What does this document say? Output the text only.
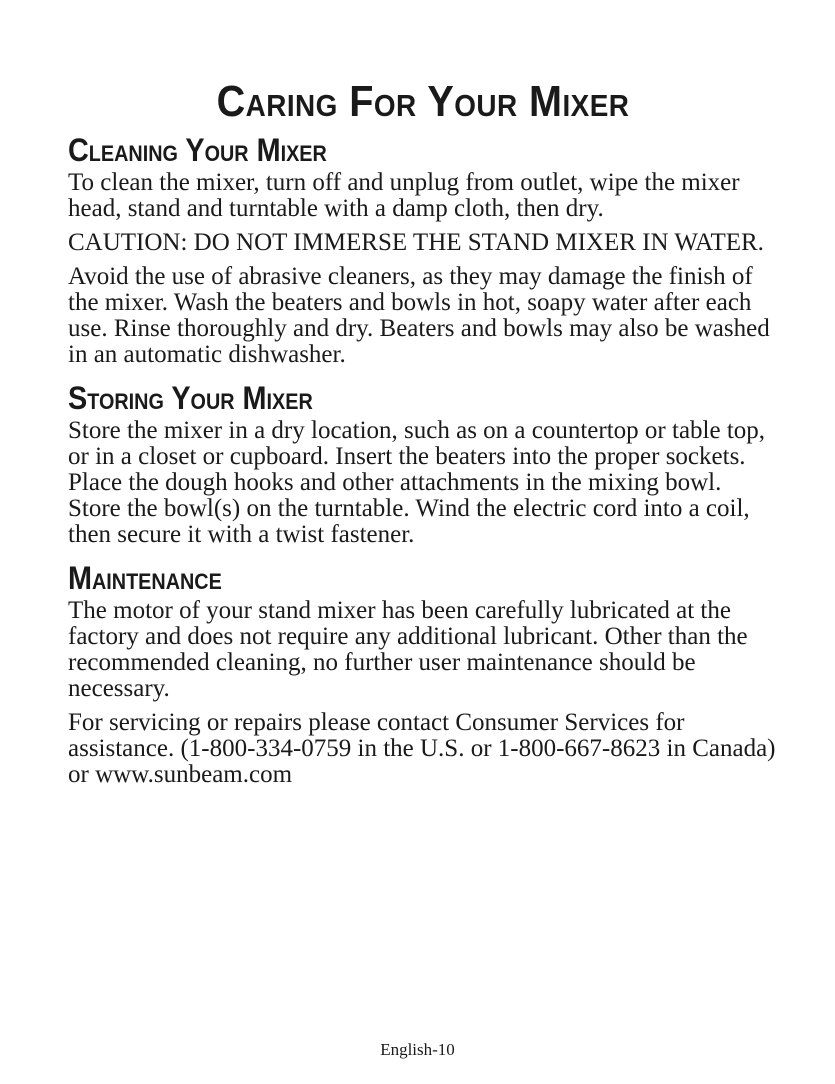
Caring For Your Mixer
Cleaning Your Mixer

To clean the mixer, turn off and unplug from outlet, wipe the mixer head, stand and turntable with a damp cloth, then dry.

CAUTION: DO NOT IMMERSE THE STAND MIXER IN WATER.

Avoid the use of abrasive cleaners, as they may damage the finish of the mixer. Wash the beaters and bowls in hot, soapy water after each use. Rinse thoroughly and dry. Beaters and bowls may also be washed in an automatic dishwasher.

Storing Your Mixer

Store the mixer in a dry location, such as on a countertop or table top, or in a closet or cupboard. Insert the beaters into the proper sockets. Place the dough hooks and other attachments in the mixing bowl. Store the bowl(s) on the turntable. Wind the electric cord into a coil, then secure it with a twist fastener.

Maintenance

The motor of your stand mixer has been carefully lubricated at the factory and does not require any additional lubricant. Other than the recommended cleaning, no further user maintenance should be necessary.

For servicing or repairs please contact Consumer Services for assistance. (1-800-334-0759 in the U.S. or 1-800-667-8623 in Canada) or www.sunbeam.com

English-10
